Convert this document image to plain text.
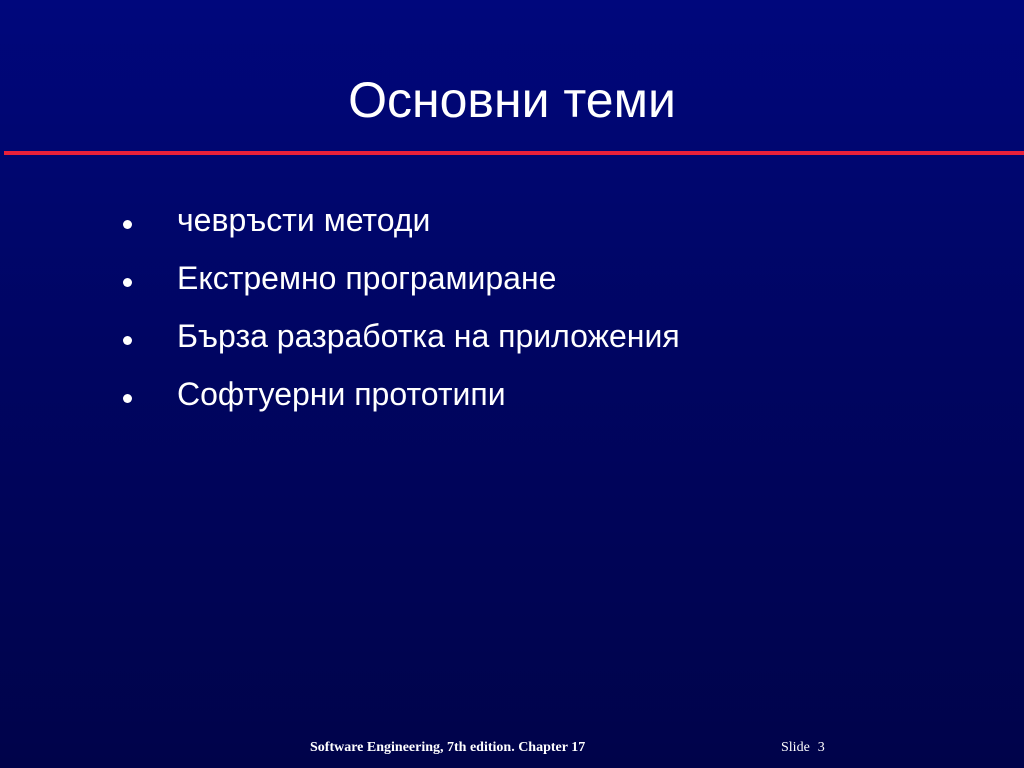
Основни теми
чевръсти методи
Екстремно програмиране
Бърза разработка на приложения
Софтуерни прототипи
Software Engineering, 7th edition. Chapter 17	Slide 3
